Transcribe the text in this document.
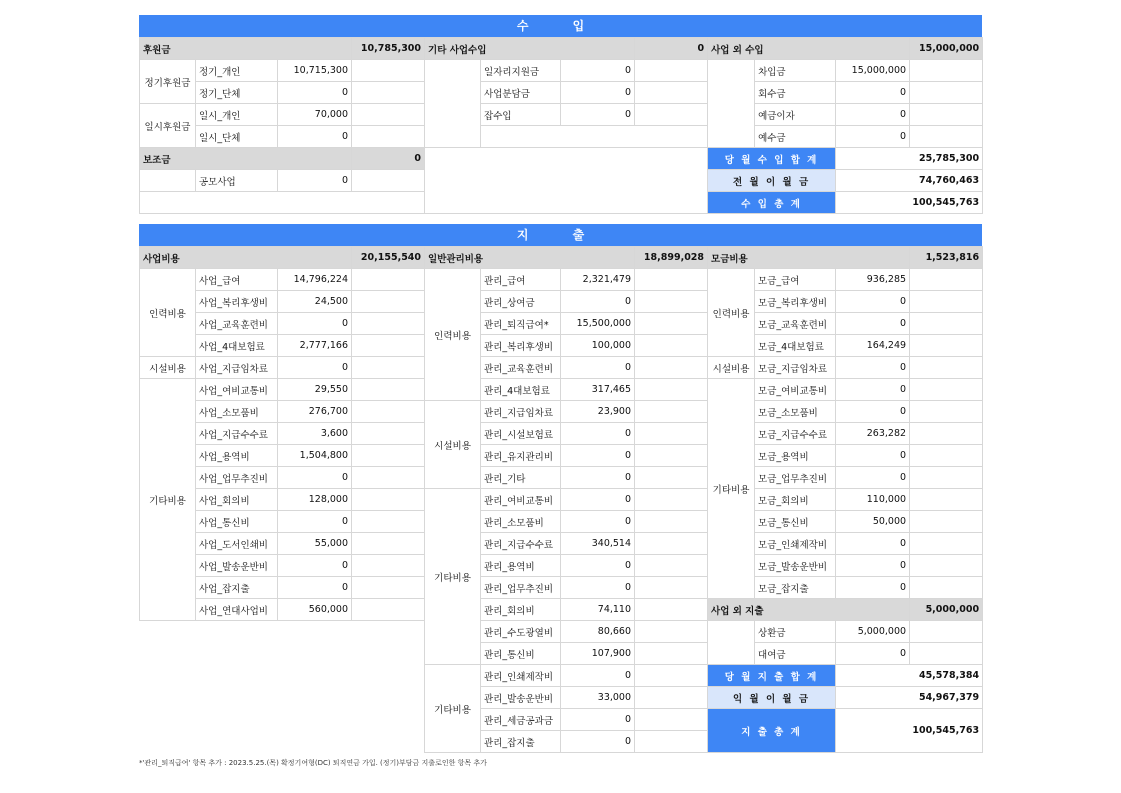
수 입
후원금			10,785,300	기타 사업수입			0	사업 외 수입			15,000,000
정기후원금	정기_개인	10,715,300			일자리지원금	0			차입금	15,000,000	
	정기_단체	0			사업분담금	0			회수금	0	
일시후원금	일시_개인	70,000			잡수입	0			예금이자	0	
	일시_단체	0							예수금	0	
보조금			0					당 월 수 입 합 계		25,785,300	
	공모사업	0						전 월 이 월 금		74,760,463	
								수 입 총 계		100,545,763	
지 출
사업비용			20,155,540	일반관리비용			18,899,028	모금비용			1,523,816
인력비용	사업_급여	14,796,224		인력비용	관리_급여	2,321,479		인력비용	모금_급여	936,285	
	사업_복리후생비	24,500			관리_상여금	0			모금_복리후생비	0	
	사업_교육훈련비	0			관리_퇴직급여*	15,500,000			모금_교육훈련비	0	
	사업_4대보험료	2,777,166			관리_복리후생비	100,000			모금_4대보험료	164,249	
시설비용	사업_지급임차료	0			관리_교육훈련비	0		시설비용	모금_지급임차료	0	
기타비용	사업_여비교통비	29,550			관리_4대보험료	317,465		기타비용	모금_여비교통비	0	
	사업_소모품비	276,700		시설비용	관리_지급임차료	23,900			모금_소모품비	0	
	사업_지급수수료	3,600			관리_시설보험료	0			모금_지급수수료	263,282	
	사업_용역비	1,504,800			관리_유지관리비	0			모금_용역비	0	
	사업_업무추진비	0			관리_기타	0			모금_업무추진비	0	
	사업_회의비	128,000		기타비용	관리_여비교통비	0			모금_회의비	110,000	
	사업_통신비	0			관리_소모품비	0			모금_통신비	50,000	
	사업_도서인쇄비	55,000			관리_지급수수료	340,514			모금_인쇄제작비	0	
	사업_발송운반비	0			관리_용역비	0			모금_발송운반비	0	
	사업_잡지출	0			관리_업무추진비	0			모금_잡지출	0	
	사업_연대사업비	560,000			관리_회의비	74,110		사업 외 지출			5,000,000
					관리_수도광열비	80,660			상환금	5,000,000	
					관리_통신비	107,900			대여금	0	
				기타비용	관리_인쇄제작비	0		당 월 지 출 합 계		45,578,384	
					관리_발송운반비	33,000		익 월 이 월 금		54,967,379	
					관리_세금공과금	0		지 출 총 계		100,545,763	
					관리_잡지출	0					
*'관리_퇴직급여' 항목 추가 : 2023.5.25.(목) 확정기여형(DC) 퇴직연금 가입. (정기)부담금 지출로인한 항목 추가
